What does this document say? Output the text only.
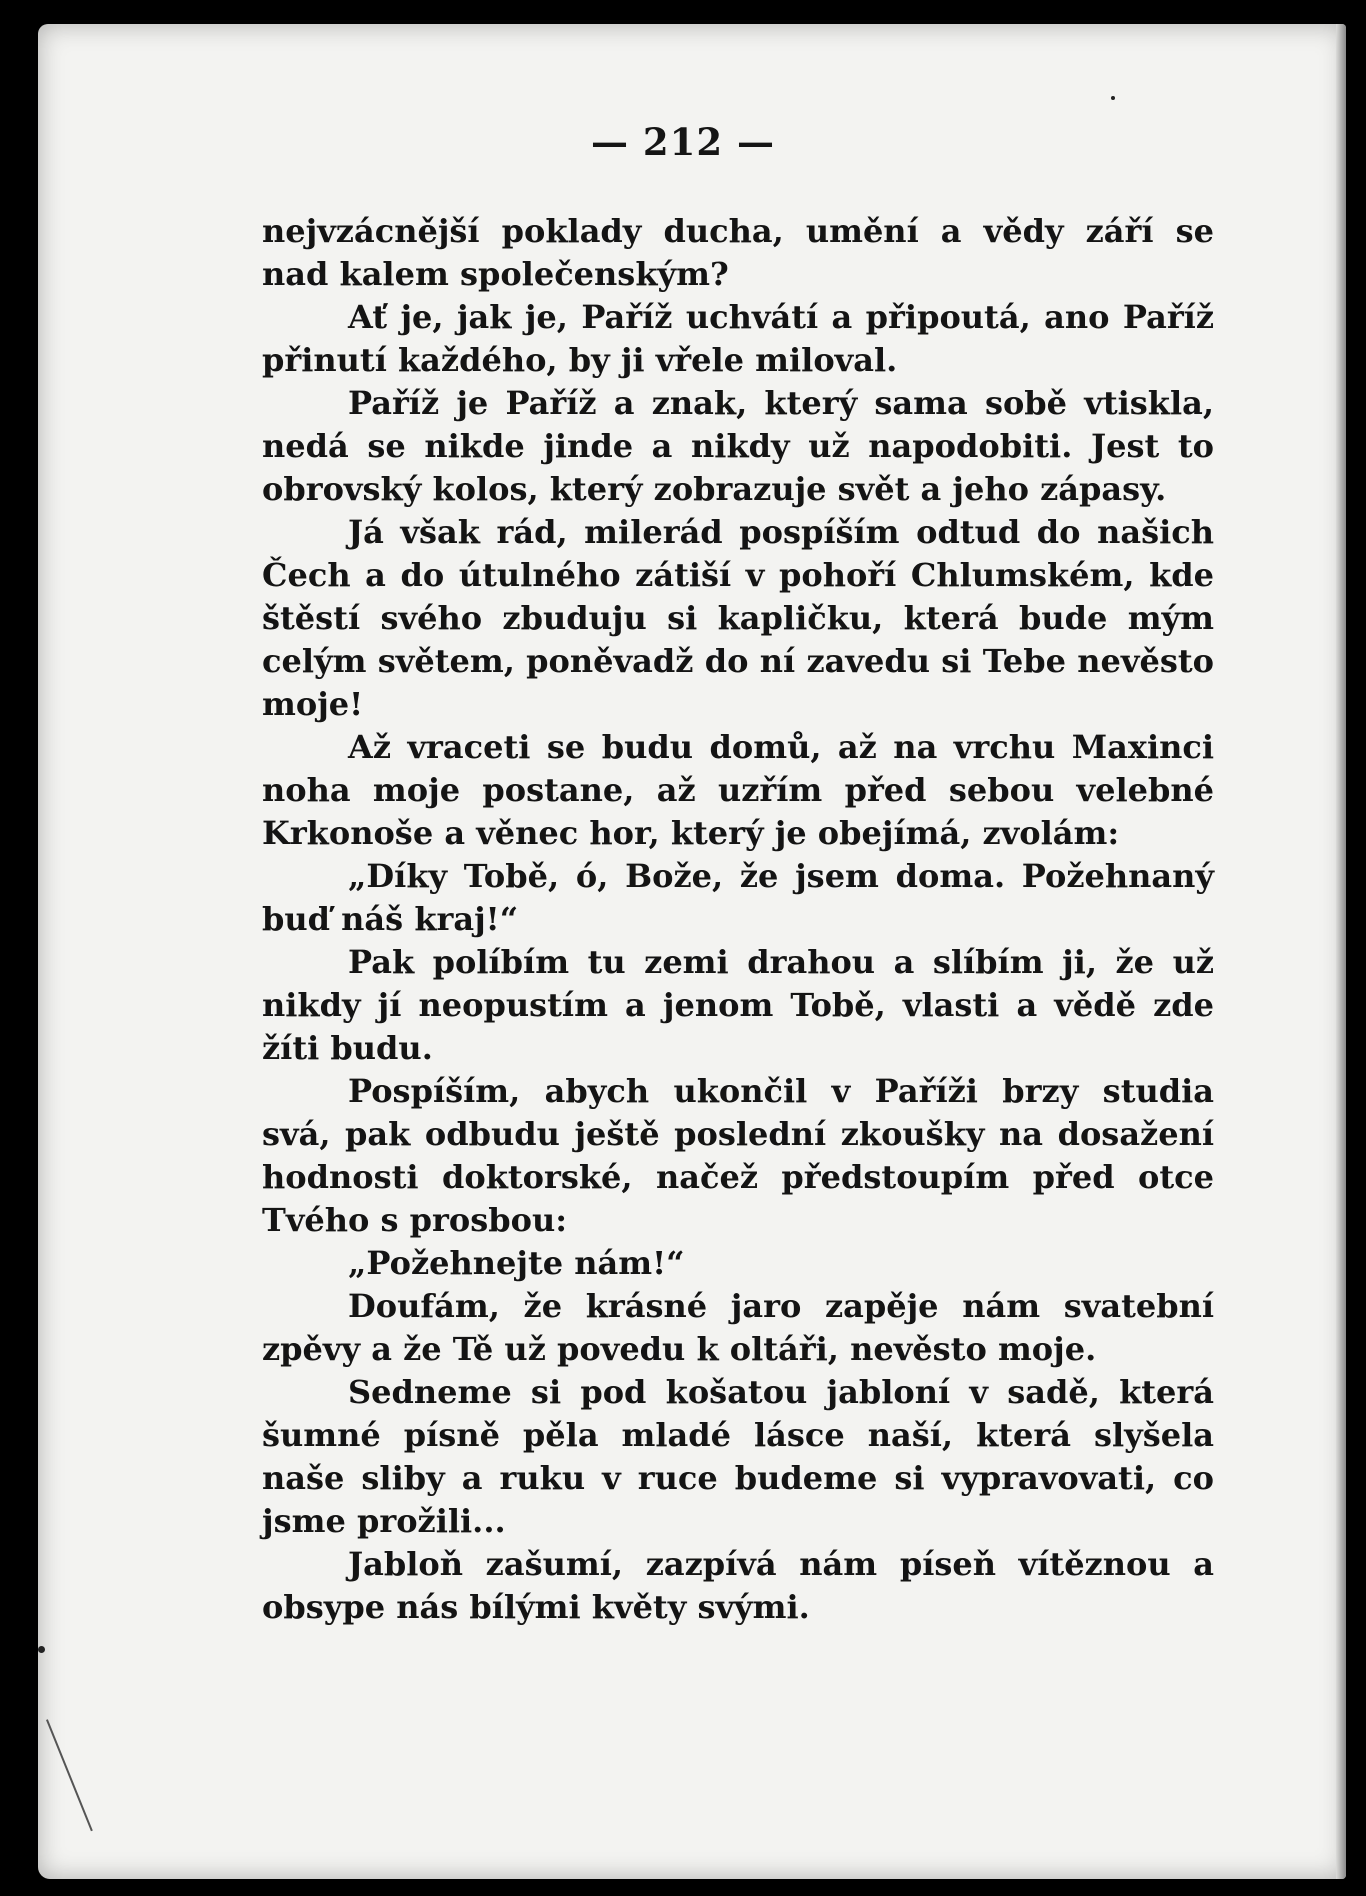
— 212 —

nejvzácnější poklady ducha, umění a vědy září se nad kalem společenským?

Ať je, jak je, Paříž uchvátí a připoutá, ano Paříž přinutí každého, by ji vřele miloval.

Paříž je Paříž a znak, který sama sobě vtiskla, nedá se nikde jinde a nikdy už napodobiti. Jest to obrovský kolos, který zobrazuje svět a jeho zápasy.

Já však rád, milerád pospíším odtud do našich Čech a do útulného zátiší v pohoří Chlumském, kde štěstí svého zbuduju si kapličku, která bude mým celým světem, poněvadž do ní zavedu si Tebe nevěsto moje!

Až vraceti se budu domů, až na vrchu Maxinci noha moje postane, až uzřím před sebou velebné Krkonoše a věnec hor, který je obejímá, zvolám:

„Díky Tobě, ó, Bože, že jsem doma. Požehnaný buď náš kraj!“

Pak políbím tu zemi drahou a slíbím ji, že už nikdy jí neopustím a jenom Tobě, vlasti a vědě zde žíti budu.

Pospíším, abych ukončil v Paříži brzy studia svá, pak odbudu ještě poslední zkoušky na dosažení hodnosti doktorské, načež předstoupím před otce Tvého s prosbou:

„Požehnejte nám!“

Doufám, že krásné jaro zapěje nám svatební zpěvy a že Tě už povedu k oltáři, nevěsto moje.

Sedneme si pod košatou jabloní v sadě, která šumné písně pěla mladé lásce naší, která slyšela naše sliby a ruku v ruce budeme si vypravovati, co jsme prožili...

Jabloň zašumí, zazpívá nám píseň vítěznou a obsype nás bílými květy svými.
